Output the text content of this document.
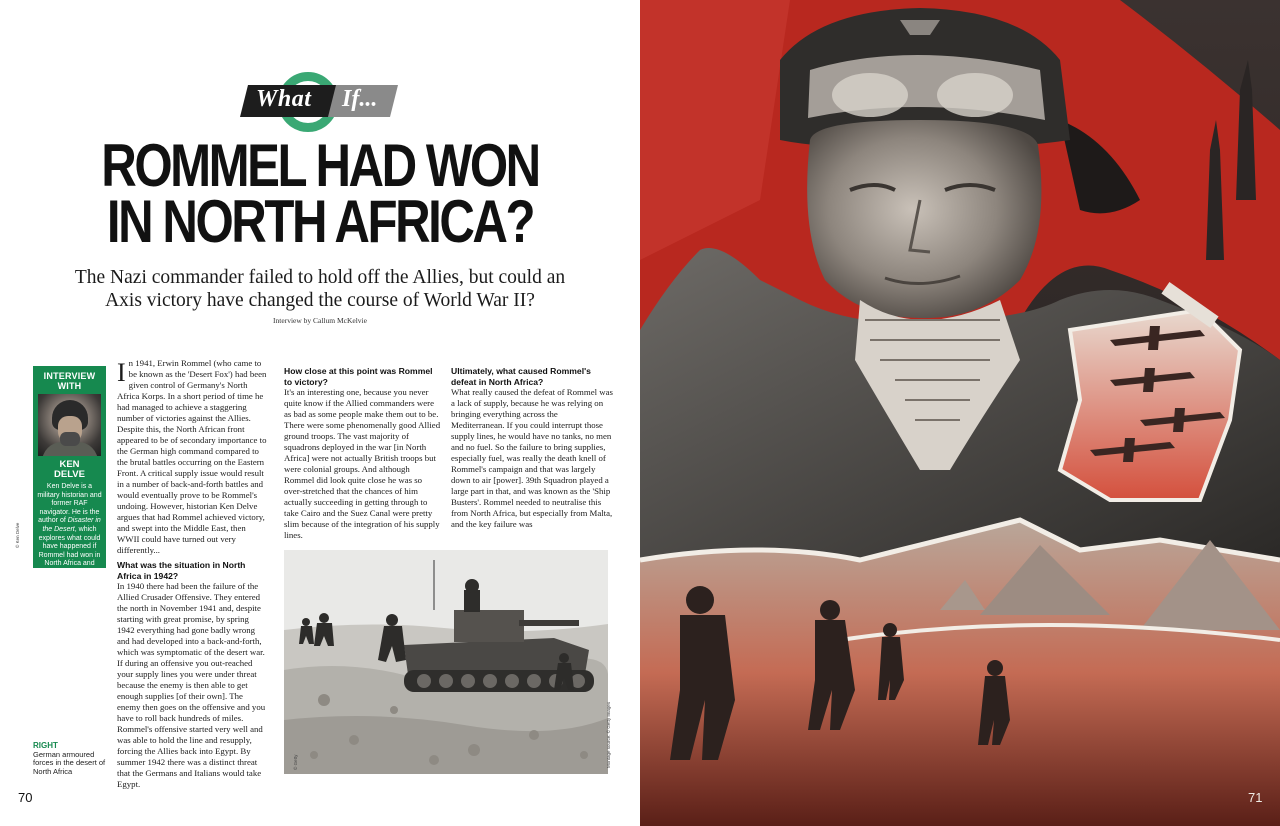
What If...
ROMMEL HAD WON
IN NORTH AFRICA?
The Nazi commander failed to hold off the Allies, but could an Axis victory have changed the course of World War II?
Interview by Callum McKelvie
INTERVIEW WITH
KEN
DELVE
Ken Delve is a military historian and former RAF navigator. He is the author of Disaster in the Desert, which explores what could have happened if Rommel had won in North Africa and swept into Egypt.
© Ken Delve
In 1941, Erwin Rommel (who came to be known as the 'Desert Fox') had been given control of Germany's North Africa Korps. In a short period of time he had managed to achieve a staggering number of victories against the Allies. Despite this, the North African front appeared to be of secondary importance to the German high command compared to the brutal battles occurring on the Eastern Front. A critical supply issue would result in a number of back-and-forth battles and would eventually prove to be Rommel's undoing. However, historian Ken Delve argues that had Rommel achieved victory, and swept into the Middle East, then WWII could have turned out very differently...

What was the situation in North Africa in 1942?

In 1940 there had been the failure of the Allied Crusader Offensive. They entered the north in November 1941 and, despite starting with great promise, by spring 1942 everything had gone badly wrong and had developed into a back-and-forth, which was symptomatic of the desert war. If during an offensive you out-reached your supply lines you were under threat because the enemy is then able to get enough supplies [of their own]. The enemy then goes on the offensive and you have to roll back hundreds of miles. Rommel's offensive started very well and was able to hold the line and resupply, forcing the Allies back into Egypt. By summer 1942 there was a distinct threat that the Germans and Italians would take Egypt.

How close at this point was Rommel to victory?

It's an interesting one, because you never quite know if the Allied commanders were as bad as some people make them out to be. There were some phenomenally good Allied ground troops. The vast majority of squadrons deployed in the war [in North Africa] were not actually British troops but were colonial groups. And although Rommel did look quite close he was so over-stretched that the chances of him actually succeeding in getting through to take Cairo and the Suez Canal were pretty slim because of the integration of his supply lines.

Ultimately, what caused Rommel's defeat in North Africa?

What really caused the defeat of Rommel was a lack of supply, because he was relying on bringing everything across the Mediterranean. If you could interrupt those supply lines, he would have no tanks, no men and no fuel. So the failure to bring supplies, especially fuel, was really the death knell of Rommel's campaign and that was largely down to air [power]. 39th Squadron played a large part in that, and was known as the 'Ship Busters'. Rommel needed to neutralise this from North Africa, but especially from Malta, and the key failure was

© Getty	Montage source: © Getty Images
RIGHT
German armoured forces in the desert of North Africa
70	71
